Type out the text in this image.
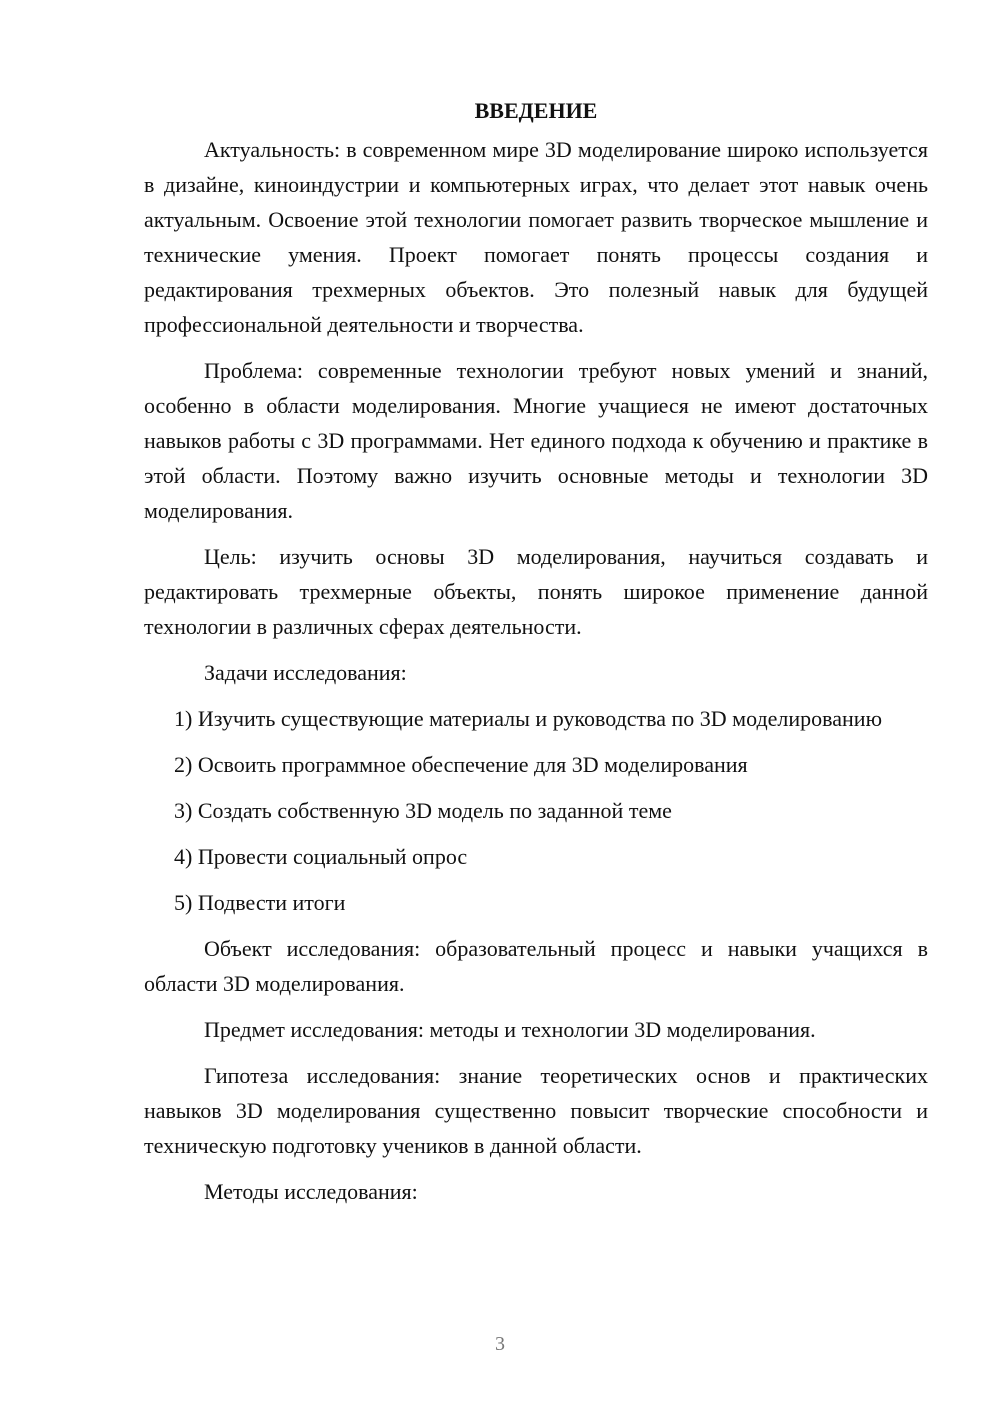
ВВЕДЕНИЕ

Актуальность: в современном мире 3D моделирование широко используется в дизайне, киноиндустрии и компьютерных играх, что делает этот навык очень актуальным. Освоение этой технологии помогает развить творческое мышление и технические умения. Проект помогает понять процессы создания и редактирования трехмерных объектов. Это полезный навык для будущей профессиональной деятельности и творчества.

Проблема: современные технологии требуют новых умений и знаний, особенно в области моделирования. Многие учащиеся не имеют достаточных навыков работы с 3D программами. Нет единого подхода к обучению и практике в этой области. Поэтому важно изучить основные методы и технологии 3D моделирования.

Цель: изучить основы 3D моделирования, научиться создавать и редактировать трехмерные объекты, понять широкое применение данной технологии в различных сферах деятельности.

Задачи исследования:

1) Изучить существующие материалы и руководства по 3D моделированию

2) Освоить программное обеспечение для 3D моделирования

3) Создать собственную 3D модель по заданной теме

4) Провести социальный опрос

5) Подвести итоги

Объект исследования: образовательный процесс и навыки учащихся в области 3D моделирования.

Предмет исследования: методы и технологии 3D моделирования.

Гипотеза исследования: знание теоретических основ и практических навыков 3D моделирования существенно повысит творческие способности и техническую подготовку учеников в данной области.

Методы исследования:

3
